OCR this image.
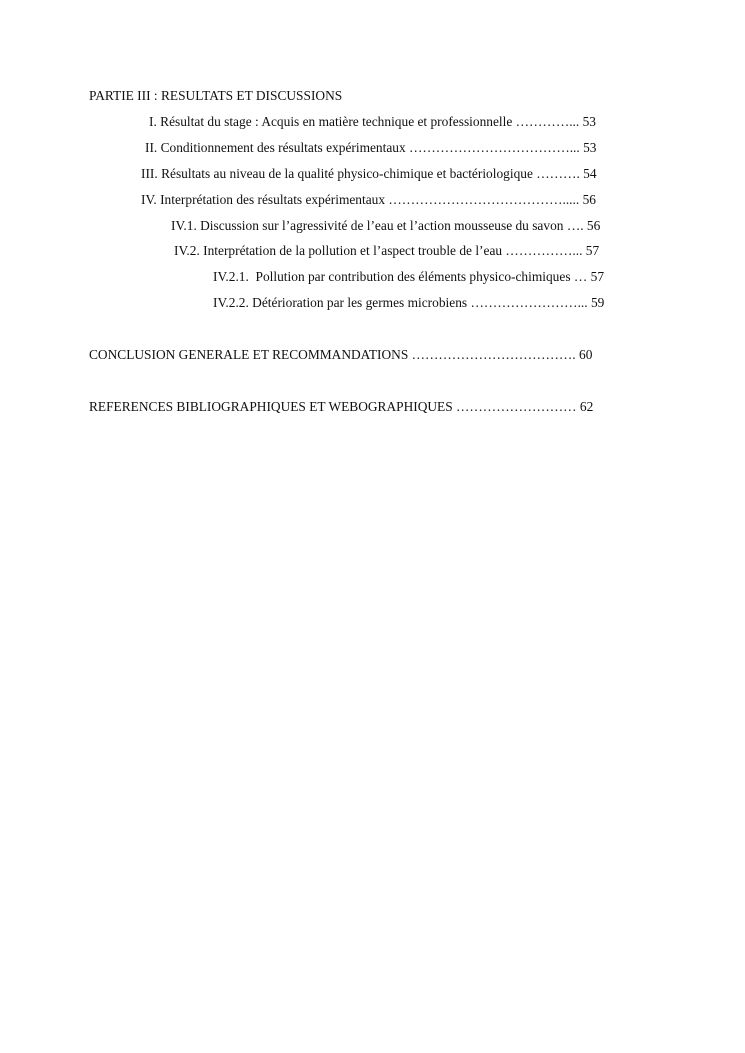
PARTIE III : RESULTATS ET DISCUSSIONS
I. Résultat du stage : Acquis en matière technique et professionnelle …………... 53
II. Conditionnement des résultats expérimentaux ………………………………... 53
III. Résultats au niveau de la qualité physico-chimique et bactériologique ………. 54
IV. Interprétation des résultats expérimentaux …………………………………..... 56
IV.1. Discussion sur l’agressivité de l’eau et l’action mousseuse du savon …. 56
IV.2. Interprétation de la pollution et l’aspect trouble de l’eau ……………... 57
IV.2.1.  Pollution par contribution des éléments physico-chimiques … 57
IV.2.2. Détérioration par les germes microbiens ……………………... 59
CONCLUSION GENERALE ET RECOMMANDATIONS ………………………………. 60
REFERENCES BIBLIOGRAPHIQUES ET WEBOGRAPHIQUES ……………………… 62
